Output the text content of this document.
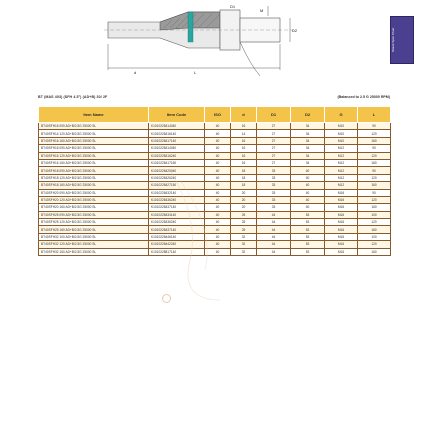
d	L
D1
D2
M
Shank Spec Chart
BT (MAS 403) (SFH 4.5°) (AD+B) 30/ 2F	(Balanced to 2.5 G 25000 RPM)
Item Name	Item Code	ISO	d	D1	D2	G	L
BT40SFH16 090 AD+B/2.5G 25000 SL	K1010228414040	40	16	27	34	M10	90
BT40SFH14 120 AD+B/2.5G 25000 SL	K1010228416140	40	14	27	34	M10	120
BT40SFH16 160 AD+B/2.5G 25000 SL	K1010228417140	40	16	27	34	M10	160
BT40SFH16 090 AD+B/2.5G 25000 SL	K1010228414040	40	16	27	34	M12	90
BT40SFH16 120 AD+B/2.5G 25000 SL	K1010228416240	40	16	27	34	M12	120
BT40SFH16 160 AD+B/2.5G 25000 SL	K1010228417160	40	16	27	34	M12	160
BT40SFH18 090 AD+B/2.5G 25000 SL	K1010228425040	40	18	33	40	M12	90
BT40SFH18 120 AD+B/2.5G 25000 SL	K1010228426240	40	18	33	40	M12	120
BT40SFH18 160 AD+B/2.5G 25000 SL	K1010228427150	40	18	33	40	M12	160
BT40SFH20 090 AD+B/2.5G 25000 SL	K1010228432140	40	20	33	40	M16	90
BT40SFH20 120 AD+B/2.5G 25000 SL	K1010228436240	40	20	33	40	M16	120
BT40SFH20 160 AD+B/2.5G 25000 SL	K1010228437140	40	20	33	40	M16	160
BT40SFH25 090 AD+B/2.5G 25000 SL	K1010228434140	40	25	44	53	M16	100
BT40SFH25 120 AD+B/2.5G 25000 SL	K1010228436240	40	25	44	53	M16	120
BT40SFH25 160 AD+B/2.5G 25000 SL	K1010228437140	40	25	44	53	M16	160
BT40SFH32 100 AD+B/2.5G 25000 SL	K1010228446140	40	32	44	53	M16	100
BT40SFH32 120 AD+B/2.5G 25000 SL	K1010228442240	40	32	44	53	M16	120
BT40SFH32 160 AD+B/2.5G 25000 SL	K1010228817140	40	32	44	53	M16	160
